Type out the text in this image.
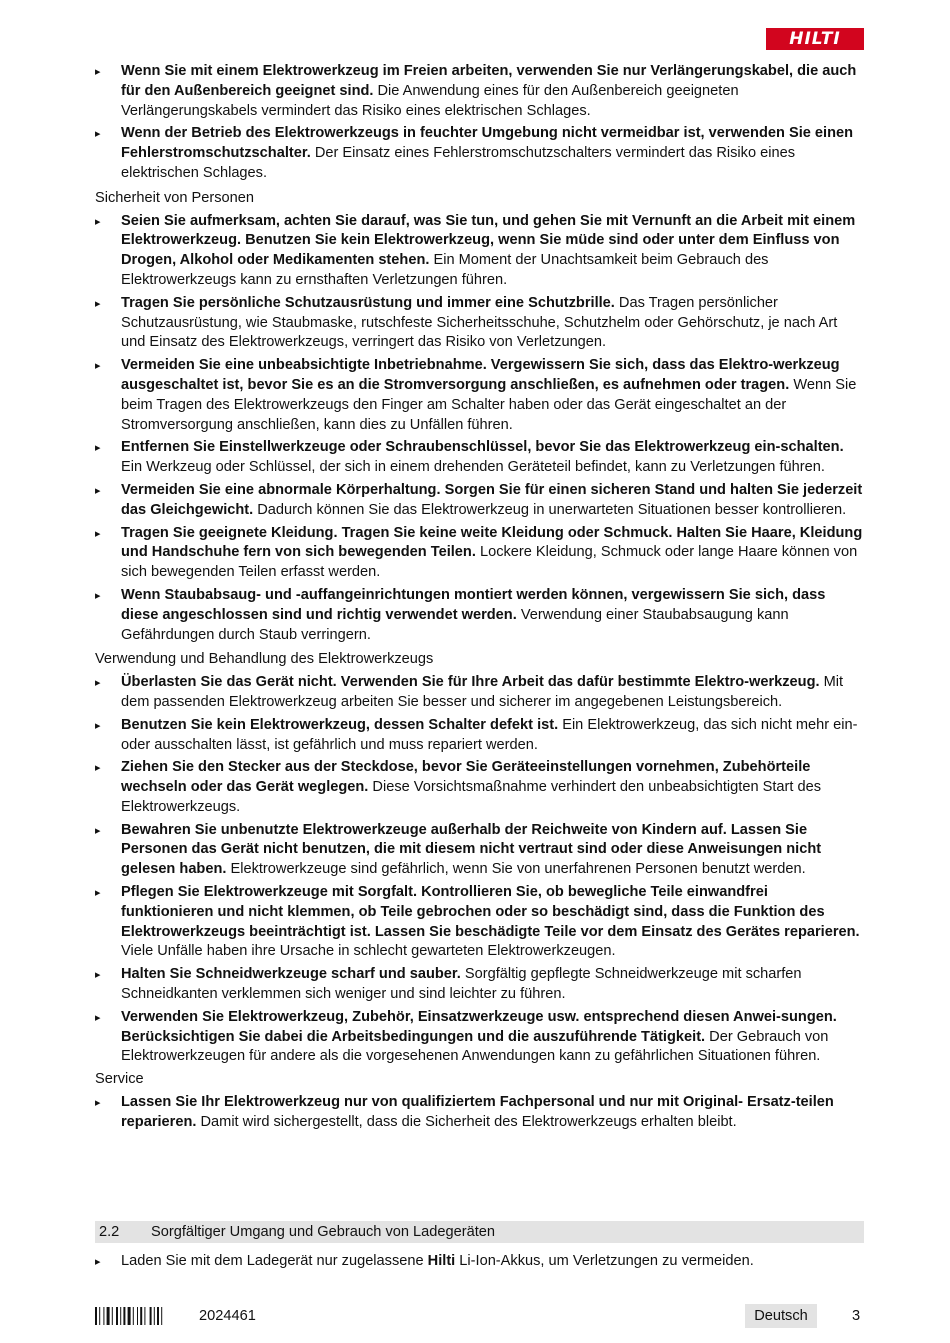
HILTI
▸ Wenn Sie mit einem Elektrowerkzeug im Freien arbeiten, verwenden Sie nur Verlängerungskabel, die auch für den Außenbereich geeignet sind. Die Anwendung eines für den Außenbereich geeigneten Verlängerungskabels vermindert das Risiko eines elektrischen Schlages.
▸ Wenn der Betrieb des Elektrowerkzeugs in feuchter Umgebung nicht vermeidbar ist, verwenden Sie einen Fehlerstromschutzschalter. Der Einsatz eines Fehlerstromschutzschalters vermindert das Risiko eines elektrischen Schlages.
Sicherheit von Personen
▸ Seien Sie aufmerksam, achten Sie darauf, was Sie tun, und gehen Sie mit Vernunft an die Arbeit mit einem Elektrowerkzeug. Benutzen Sie kein Elektrowerkzeug, wenn Sie müde sind oder unter dem Einfluss von Drogen, Alkohol oder Medikamenten stehen. Ein Moment der Unachtsamkeit beim Gebrauch des Elektrowerkzeugs kann zu ernsthaften Verletzungen führen.
▸ Tragen Sie persönliche Schutzausrüstung und immer eine Schutzbrille. Das Tragen persönlicher Schutzausrüstung, wie Staubmaske, rutschfeste Sicherheitsschuhe, Schutzhelm oder Gehörschutz, je nach Art und Einsatz des Elektrowerkzeugs, verringert das Risiko von Verletzungen.
▸ Vermeiden Sie eine unbeabsichtigte Inbetriebnahme. Vergewissern Sie sich, dass das Elektro-werkzeug ausgeschaltet ist, bevor Sie es an die Stromversorgung anschließen, es aufnehmen oder tragen. Wenn Sie beim Tragen des Elektrowerkzeugs den Finger am Schalter haben oder das Gerät eingeschaltet an der Stromversorgung anschließen, kann dies zu Unfällen führen.
▸ Entfernen Sie Einstellwerkzeuge oder Schraubenschlüssel, bevor Sie das Elektrowerkzeug ein-schalten. Ein Werkzeug oder Schlüssel, der sich in einem drehenden Geräteteil befindet, kann zu Verletzungen führen.
▸ Vermeiden Sie eine abnormale Körperhaltung. Sorgen Sie für einen sicheren Stand und halten Sie jederzeit das Gleichgewicht. Dadurch können Sie das Elektrowerkzeug in unerwarteten Situationen besser kontrollieren.
▸ Tragen Sie geeignete Kleidung. Tragen Sie keine weite Kleidung oder Schmuck. Halten Sie Haare, Kleidung und Handschuhe fern von sich bewegenden Teilen. Lockere Kleidung, Schmuck oder lange Haare können von sich bewegenden Teilen erfasst werden.
▸ Wenn Staubabsaug- und -auffangeinrichtungen montiert werden können, vergewissern Sie sich, dass diese angeschlossen sind und richtig verwendet werden. Verwendung einer Staubabsaugung kann Gefährdungen durch Staub verringern.
Verwendung und Behandlung des Elektrowerkzeugs
▸ Überlasten Sie das Gerät nicht. Verwenden Sie für Ihre Arbeit das dafür bestimmte Elektro-werkzeug. Mit dem passenden Elektrowerkzeug arbeiten Sie besser und sicherer im angegebenen Leistungsbereich.
▸ Benutzen Sie kein Elektrowerkzeug, dessen Schalter defekt ist. Ein Elektrowerkzeug, das sich nicht mehr ein- oder ausschalten lässt, ist gefährlich und muss repariert werden.
▸ Ziehen Sie den Stecker aus der Steckdose, bevor Sie Geräteeinstellungen vornehmen, Zubehörteile wechseln oder das Gerät weglegen. Diese Vorsichtsmaßnahme verhindert den unbeabsichtigten Start des Elektrowerkzeugs.
▸ Bewahren Sie unbenutzte Elektrowerkzeuge außerhalb der Reichweite von Kindern auf. Lassen Sie Personen das Gerät nicht benutzen, die mit diesem nicht vertraut sind oder diese Anweisungen nicht gelesen haben. Elektrowerkzeuge sind gefährlich, wenn Sie von unerfahrenen Personen benutzt werden.
▸ Pflegen Sie Elektrowerkzeuge mit Sorgfalt. Kontrollieren Sie, ob bewegliche Teile einwandfrei funktionieren und nicht klemmen, ob Teile gebrochen oder so beschädigt sind, dass die Funktion des Elektrowerkzeugs beeinträchtigt ist. Lassen Sie beschädigte Teile vor dem Einsatz des Gerätes reparieren. Viele Unfälle haben ihre Ursache in schlecht gewarteten Elektrowerkzeugen.
▸ Halten Sie Schneidwerkzeuge scharf und sauber. Sorgfältig gepflegte Schneidwerkzeuge mit scharfen Schneidkanten verklemmen sich weniger und sind leichter zu führen.
▸ Verwenden Sie Elektrowerkzeug, Zubehör, Einsatzwerkzeuge usw. entsprechend diesen Anwei-sungen. Berücksichtigen Sie dabei die Arbeitsbedingungen und die auszuführende Tätigkeit. Der Gebrauch von Elektrowerkzeugen für andere als die vorgesehenen Anwendungen kann zu gefährlichen Situationen führen.
Service
▸ Lassen Sie Ihr Elektrowerkzeug nur von qualifiziertem Fachpersonal und nur mit Original- Ersatz-teilen reparieren. Damit wird sichergestellt, dass die Sicherheit des Elektrowerkzeugs erhalten bleibt.
2.2 Sorgfältiger Umgang und Gebrauch von Ladegeräten
▸ Laden Sie mit dem Ladegerät nur zugelassene Hilti Li-Ion-Akkus, um Verletzungen zu vermeiden.
2024461	Deutsch	3
